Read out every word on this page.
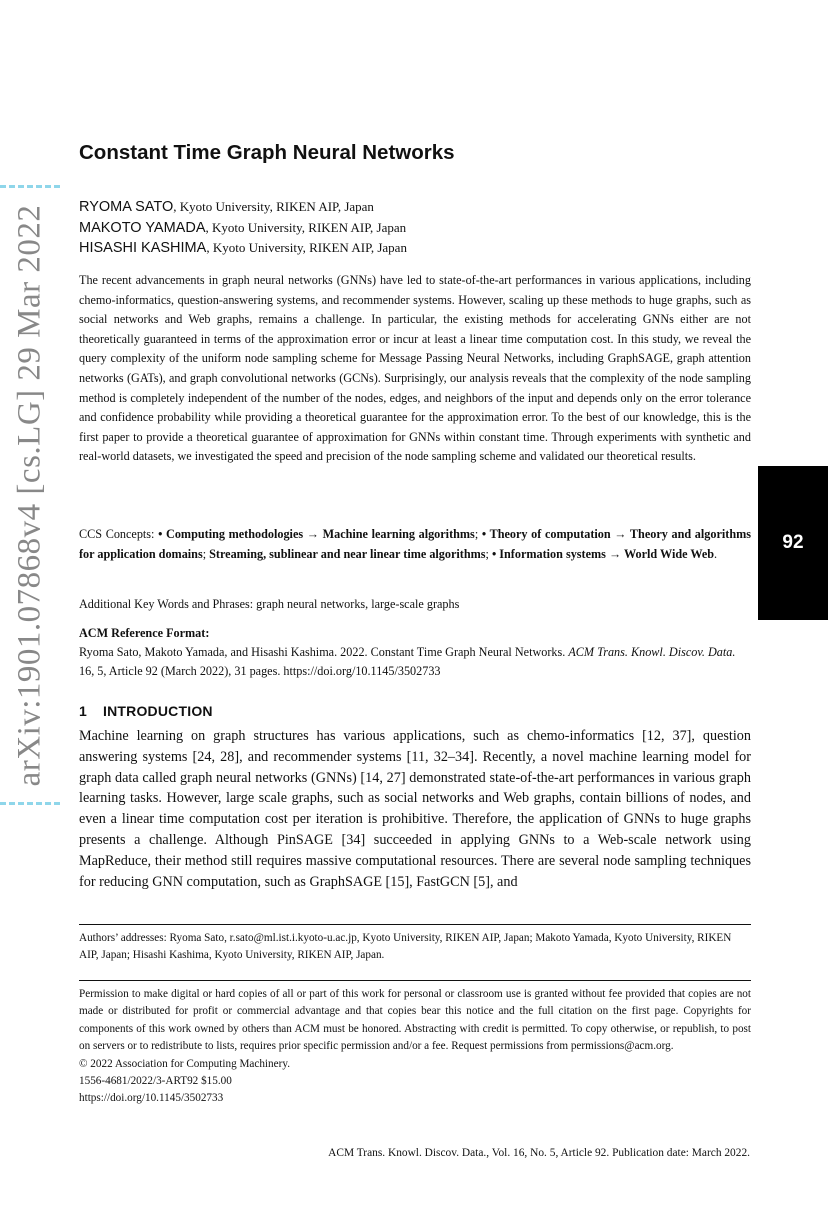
arXiv:1901.07868v4 [cs.LG] 29 Mar 2022	92
Constant Time Graph Neural Networks
RYOMA SATO, Kyoto University, RIKEN AIP, Japan
MAKOTO YAMADA, Kyoto University, RIKEN AIP, Japan
HISASHI KASHIMA, Kyoto University, RIKEN AIP, Japan

The recent advancements in graph neural networks (GNNs) have led to state-of-the-art performances in various applications, including chemo-informatics, question-answering systems, and recommender systems. However, scaling up these methods to huge graphs, such as social networks and Web graphs, remains a challenge. In particular, the existing methods for accelerating GNNs either are not theoretically guaranteed in terms of the approximation error or incur at least a linear time computation cost. In this study, we reveal the query complexity of the uniform node sampling scheme for Message Passing Neural Networks, including GraphSAGE, graph attention networks (GATs), and graph convolutional networks (GCNs). Surprisingly, our analysis reveals that the complexity of the node sampling method is completely independent of the number of the nodes, edges, and neighbors of the input and depends only on the error tolerance and confidence probability while providing a theoretical guarantee for the approximation error. To the best of our knowledge, this is the first paper to provide a theoretical guarantee of approximation for GNNs within constant time. Through experiments with synthetic and real-world datasets, we investigated the speed and precision of the node sampling scheme and validated our theoretical results.

CCS Concepts: • Computing methodologies → Machine learning algorithms; • Theory of computation → Theory and algorithms for application domains; Streaming, sublinear and near linear time algorithms; • Information systems → World Wide Web.

Additional Key Words and Phrases: graph neural networks, large-scale graphs

ACM Reference Format:
Ryoma Sato, Makoto Yamada, and Hisashi Kashima. 2022. Constant Time Graph Neural Networks. ACM Trans. Knowl. Discov. Data. 16, 5, Article 92 (March 2022), 31 pages. https://doi.org/10.1145/3502733

1 INTRODUCTION

Machine learning on graph structures has various applications, such as chemo-informatics [12, 37], question answering systems [24, 28], and recommender systems [11, 32–34]. Recently, a novel machine learning model for graph data called graph neural networks (GNNs) [14, 27] demonstrated state-of-the-art performances in various graph learning tasks. However, large scale graphs, such as social networks and Web graphs, contain billions of nodes, and even a linear time computation cost per iteration is prohibitive. Therefore, the application of GNNs to huge graphs presents a challenge. Although PinSAGE [34] succeeded in applying GNNs to a Web-scale network using MapReduce, their method still requires massive computational resources. There are several node sampling techniques for reducing GNN computation, such as GraphSAGE [15], FastGCN [5], and

Authors’ addresses: Ryoma Sato, r.sato@ml.ist.i.kyoto-u.ac.jp, Kyoto University, RIKEN AIP, Japan; Makoto Yamada, Kyoto University, RIKEN AIP, Japan; Hisashi Kashima, Kyoto University, RIKEN AIP, Japan.

Permission to make digital or hard copies of all or part of this work for personal or classroom use is granted without fee provided that copies are not made or distributed for profit or commercial advantage and that copies bear this notice and the full citation on the first page. Copyrights for components of this work owned by others than ACM must be honored. Abstracting with credit is permitted. To copy otherwise, or republish, to post on servers or to redistribute to lists, requires prior specific permission and/or a fee. Request permissions from permissions@acm.org.

© 2022 Association for Computing Machinery.

1556-4681/2022/3-ART92 $15.00

https://doi.org/10.1145/3502733

ACM Trans. Knowl. Discov. Data., Vol. 16, No. 5, Article 92. Publication date: March 2022.
